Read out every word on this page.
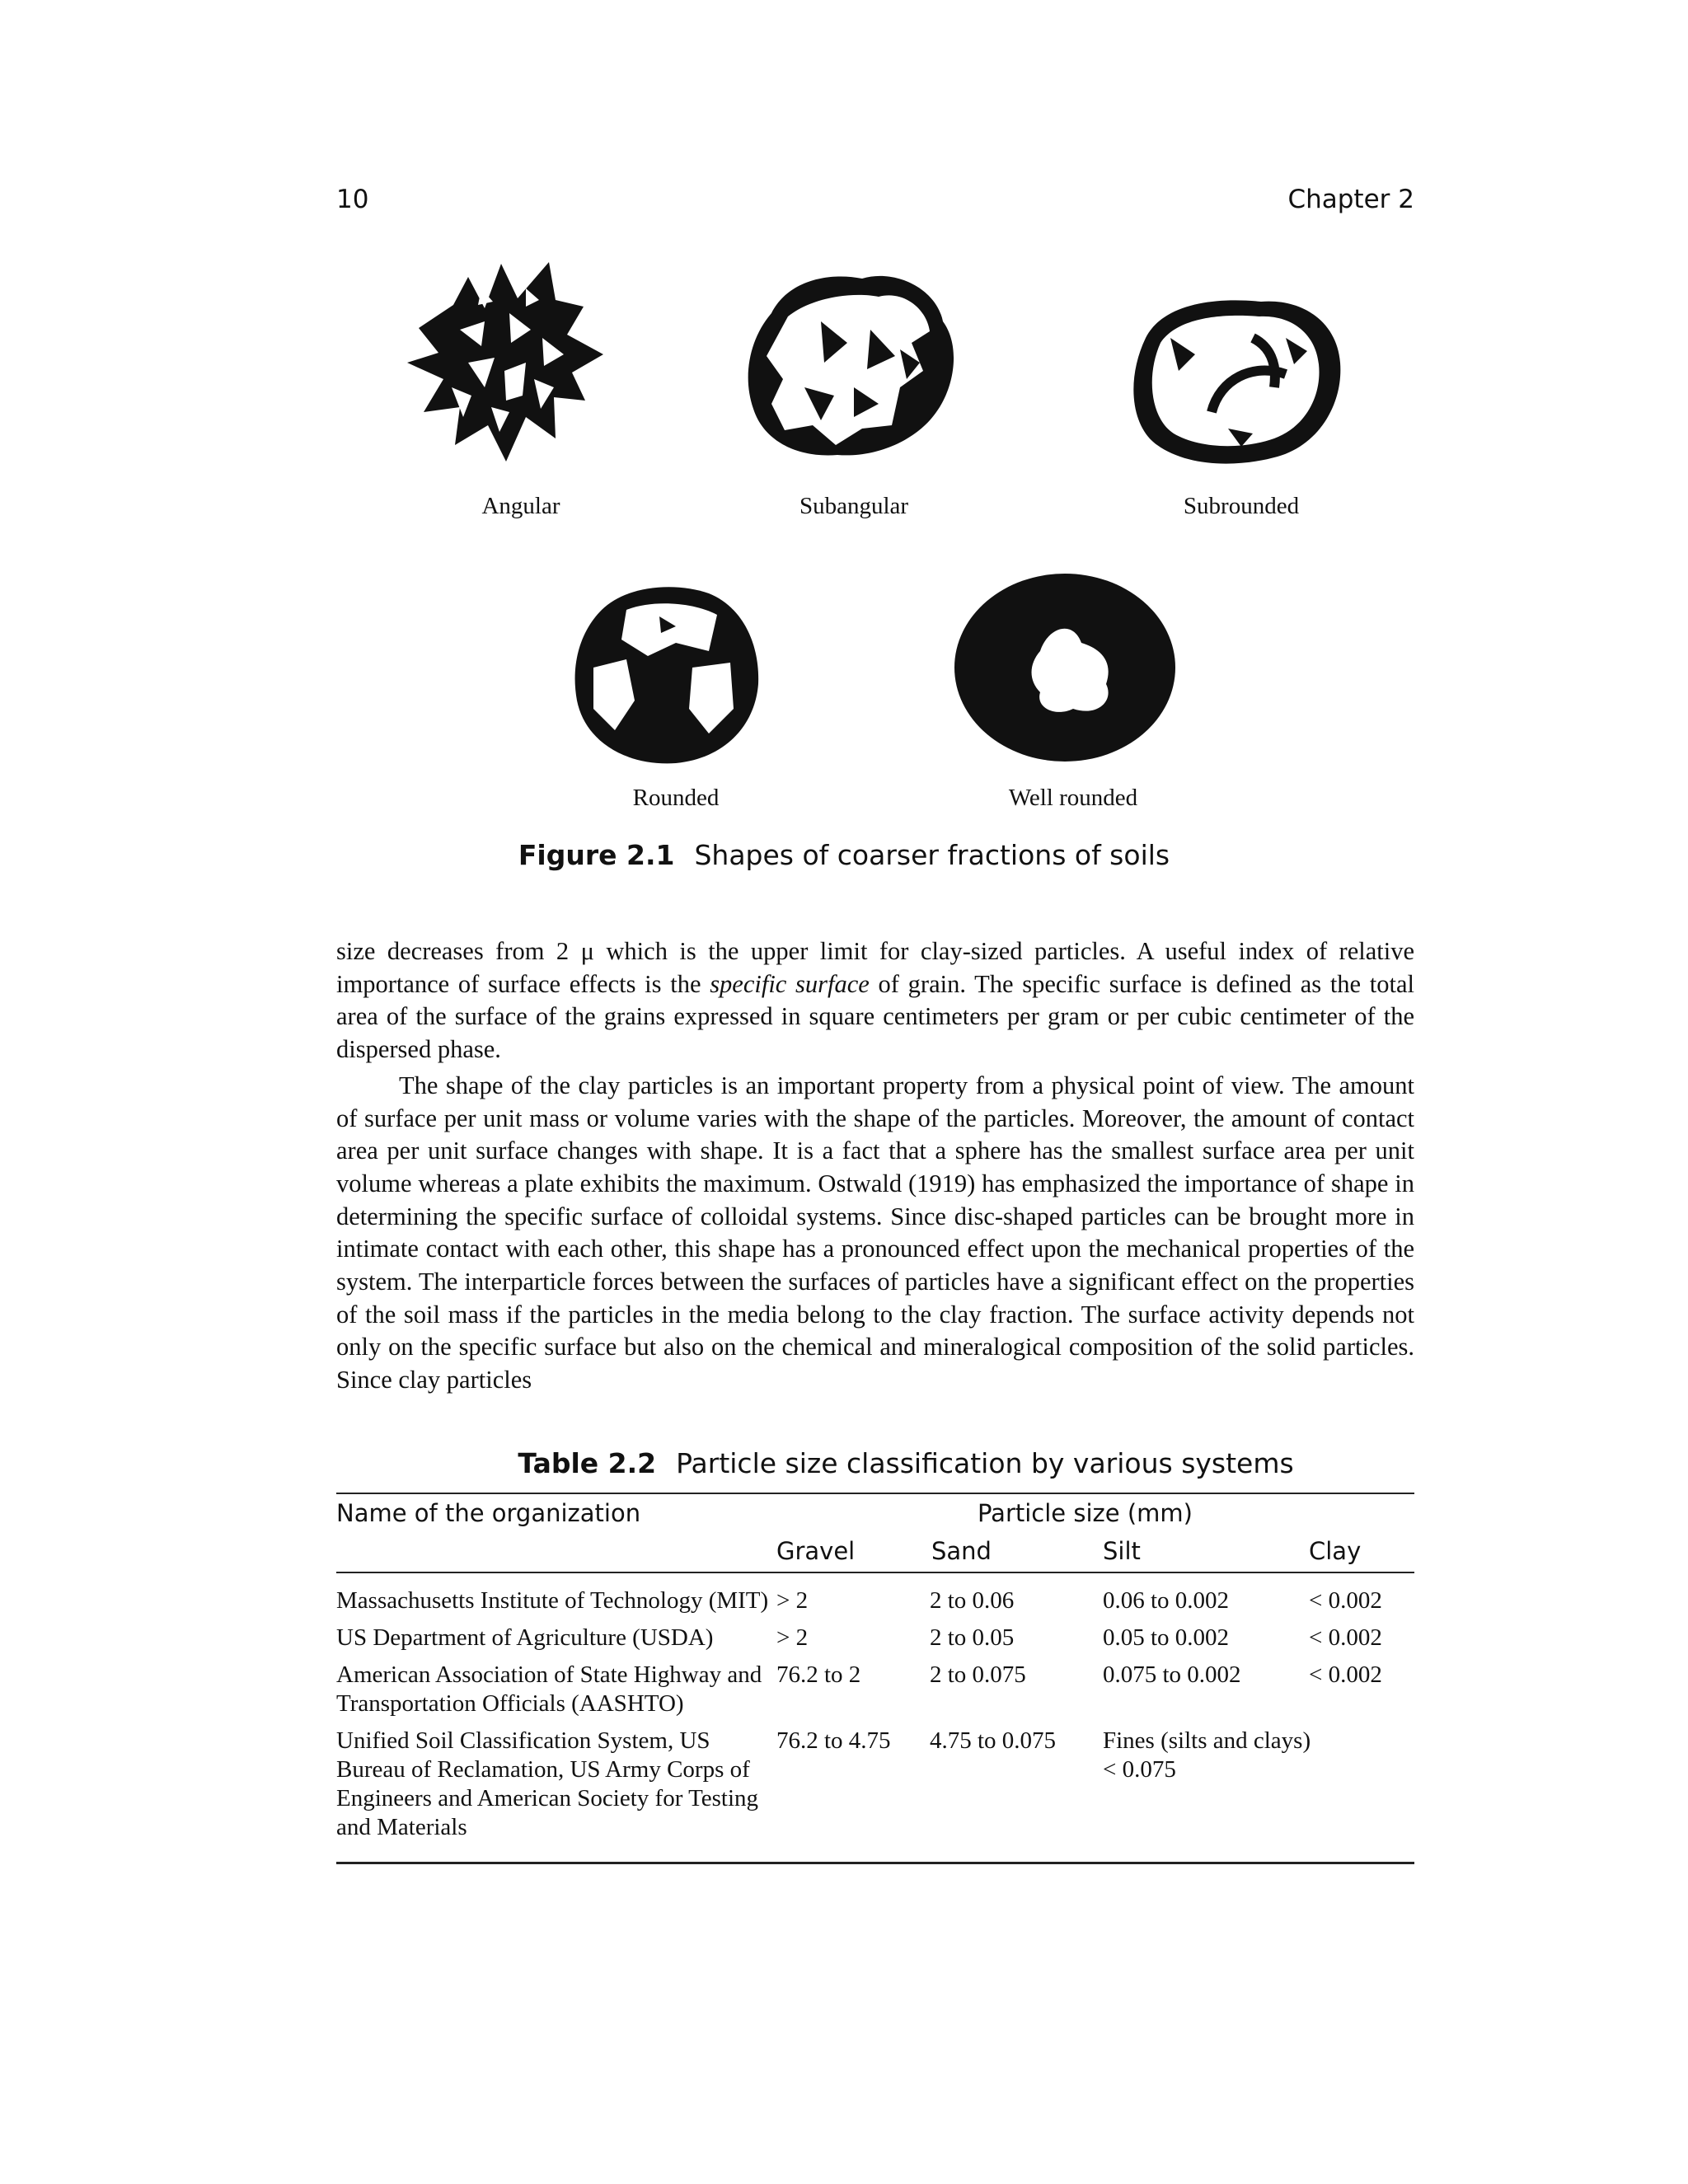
10	Chapter 2
Angular	Subangular	Subrounded
Rounded	Well rounded
Figure 2.1 Shapes of coarser fractions of soils

size decreases from 2 μ which is the upper limit for clay-sized particles. A useful index of relative importance of surface effects is the specific surface of grain. The specific surface is defined as the total area of the surface of the grains expressed in square centimeters per gram or per cubic centimeter of the dispersed phase.

The shape of the clay particles is an important property from a physical point of view. The amount of surface per unit mass or volume varies with the shape of the particles. Moreover, the amount of contact area per unit surface changes with shape. It is a fact that a sphere has the smallest surface area per unit volume whereas a plate exhibits the maximum. Ostwald (1919) has emphasized the importance of shape in determining the specific surface of colloidal systems. Since disc-shaped particles can be brought more in intimate contact with each other, this shape has a pronounced effect upon the mechanical properties of the system. The interparticle forces between the surfaces of particles have a significant effect on the properties of the soil mass if the particles in the media belong to the clay fraction. The surface activity depends not only on the specific surface but also on the chemical and mineralogical composition of the solid particles. Since clay particles

Table 2.2 Particle size classification by various systems
Name of the organization	Particle size (mm)
Gravel	Sand	Silt	Clay
Massachusetts Institute of Technology (MIT)	> 2	2 to 0.06	0.06 to 0.002	< 0.002
US Department of Agriculture (USDA)	> 2	2 to 0.05	0.05 to 0.002	< 0.002
American Association of State Highway and Transportation Officials (AASHTO)	76.2 to 2	2 to 0.075	0.075 to 0.002	< 0.002
Unified Soil Classification System, US Bureau of Reclamation, US Army Corps of Engineers and American Society for Testing and Materials	76.2 to 4.75	4.75 to 0.075	Fines (silts and clays)
< 0.075	
